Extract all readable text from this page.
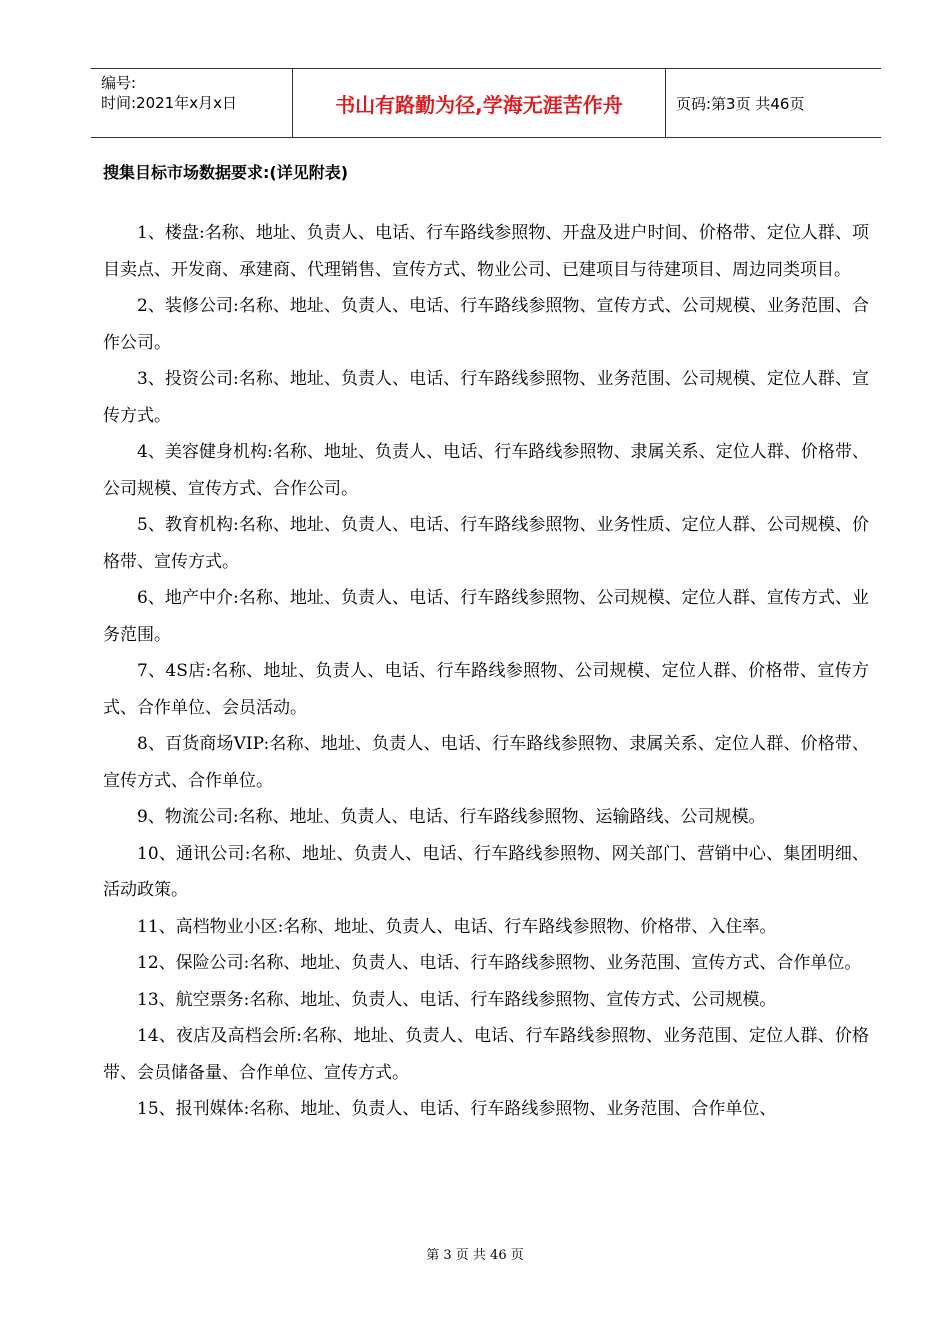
编号:
时间:2021年x月x日	书山有路勤为径,学海无涯苦作舟	页码:第3页 共46页
搜集目标市场数据要求:(详见附表)

1、楼盘:名称、地址、负责人、电话、行车路线参照物、开盘及进户时间、价格带、定位人群、项目卖点、开发商、承建商、代理销售、宣传方式、物业公司、已建项目与待建项目、周边同类项目。

2、装修公司:名称、地址、负责人、电话、行车路线参照物、宣传方式、公司规模、业务范围、合作公司。

3、投资公司:名称、地址、负责人、电话、行车路线参照物、业务范围、公司规模、定位人群、宣传方式。

4、美容健身机构:名称、地址、负责人、电话、行车路线参照物、隶属关系、定位人群、价格带、公司规模、宣传方式、合作公司。

5、教育机构:名称、地址、负责人、电话、行车路线参照物、业务性质、定位人群、公司规模、价格带、宣传方式。

6、地产中介:名称、地址、负责人、电话、行车路线参照物、公司规模、定位人群、宣传方式、业务范围。

7、4S店:名称、地址、负责人、电话、行车路线参照物、公司规模、定位人群、价格带、宣传方式、合作单位、会员活动。

8、百货商场VIP:名称、地址、负责人、电话、行车路线参照物、隶属关系、定位人群、价格带、宣传方式、合作单位。

9、物流公司:名称、地址、负责人、电话、行车路线参照物、运输路线、公司规模。

10、通讯公司:名称、地址、负责人、电话、行车路线参照物、网关部门、营销中心、集团明细、活动政策。

11、高档物业小区:名称、地址、负责人、电话、行车路线参照物、价格带、入住率。

12、保险公司:名称、地址、负责人、电话、行车路线参照物、业务范围、宣传方式、合作单位。

13、航空票务:名称、地址、负责人、电话、行车路线参照物、宣传方式、公司规模。

14、夜店及高档会所:名称、地址、负责人、电话、行车路线参照物、业务范围、定位人群、价格带、会员储备量、合作单位、宣传方式。

15、报刊媒体:名称、地址、负责人、电话、行车路线参照物、业务范围、合作单位、

第 3 页 共 46 页
